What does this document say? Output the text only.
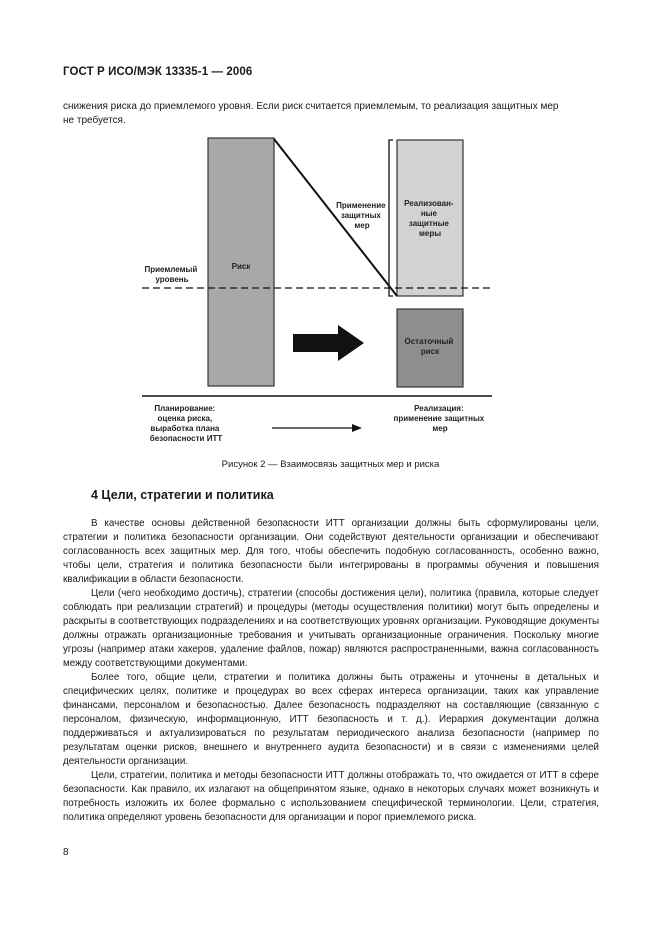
ГОСТ Р ИСО/МЭК 13335-1 — 2006

снижения риска до приемлемого уровня. Если риск считается приемлемым, то реализация защитных мер

не требуется.

Приемлемый уровень
Риск
Применение защитных мер
Реализован- ные защитные меры
Остаточный риск
Планирование: оценка риска, выработка плана безопасности ИТТ
Реализация: применение защитных мер
Рисунок 2 — Взаимосвязь защитных мер и риска
4 Цели, стратегии и политика

В качестве основы действенной безопасности ИТТ организации должны быть сформулированы цели, стратегии и политика безопасности организации. Они содействуют деятельности организации и обеспечивают согласованность всех защитных мер. Для того, чтобы обеспечить подобную согласованность, особенно важно, чтобы цели, стратегия и политика безопасности были интегрированы в программы обучения и повышения квалификации в области безопасности.

Цели (чего необходимо достичь), стратегии (способы достижения цели), политика (правила, которые следует соблюдать при реализации стратегий) и процедуры (методы осуществления политики) могут быть определены и раскрыты в соответствующих подразделениях и на соответствующих уровнях организации. Руководящие документы должны отражать организационные требования и учитывать организационные ограничения. Поскольку многие угрозы (например атаки хакеров, удаление файлов, пожар) являются распространенными, важна согласованность между соответствующими документами.

Более того, общие цели, стратегии и политика должны быть отражены и уточнены в детальных и специфических целях, политике и процедурах во всех сферах интереса организации, таких как управление финансами, персоналом и безопасностью. Далее безопасность подразделяют на составляющие (связанную с персоналом, физическую, информационную, ИТТ безопасность и т. д.). Иерархия документации должна поддерживаться и актуализироваться по результатам периодического анализа безопасности (например по результатам оценки рисков, внешнего и внутреннего аудита безопасности) и в связи с изменениями целей деятельности организации.

Цели, стратегии, политика и методы безопасности ИТТ должны отображать то, что ожидается от ИТТ в сфере безопасности. Как правило, их излагают на общепринятом языке, однако в некоторых случаях может возникнуть и потребность изложить их более формально с использованием специфической терминологии. Цели, стратегия, политика определяют уровень безопасности для организации и порог приемлемого риска.

8
